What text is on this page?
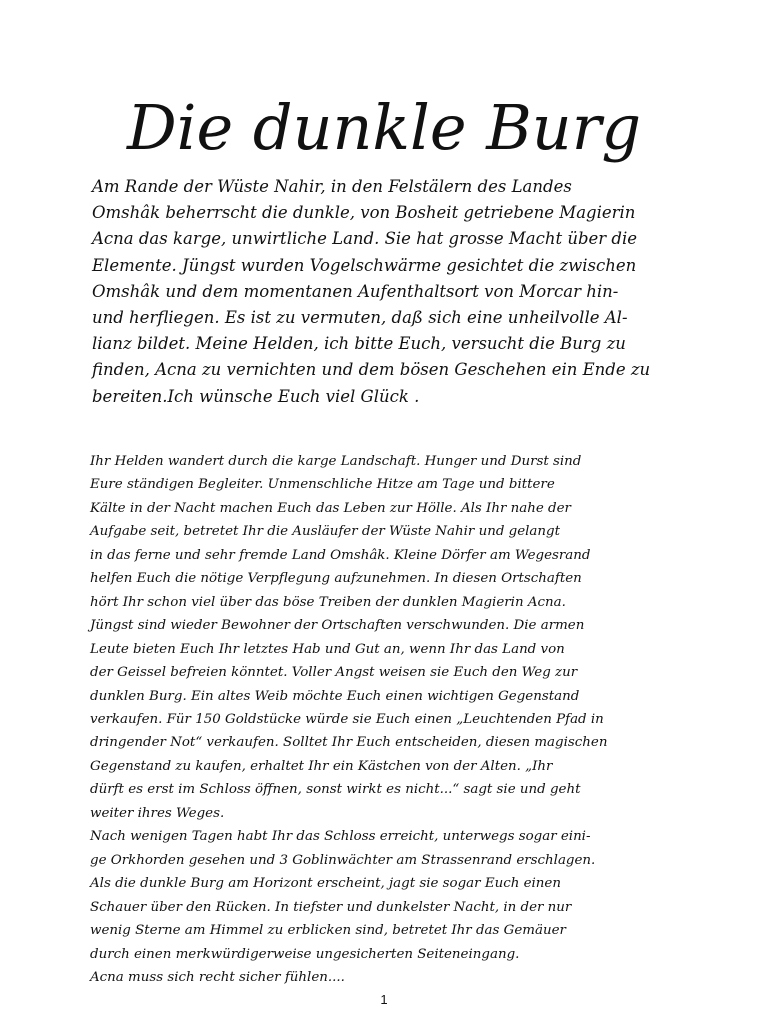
Die dunkle Burg
Am Rande der Wüste Nahir, in den Felstälern des Landes
Omshâk beherrscht die dunkle, von Bosheit getriebene Magierin
Acna das karge, unwirtliche Land. Sie hat grosse Macht über die
Elemente. Jüngst wurden Vogelschwärme gesichtet die zwischen
Omshâk und dem momentanen Aufenthaltsort von Morcar hin-
und herfliegen. Es ist zu vermuten, daß sich eine unheilvolle Al-
lianz bildet. Meine Helden, ich bitte Euch, versucht die Burg zu
finden, Acna zu vernichten und dem bösen Geschehen ein Ende zu
bereiten.Ich wünsche Euch viel Glück .
Ihr Helden wandert durch die karge Landschaft. Hunger und Durst sind
Eure ständigen Begleiter. Unmenschliche Hitze am Tage und bittere
Kälte in der Nacht machen Euch das Leben zur Hölle. Als Ihr nahe der
Aufgabe seit, betretet Ihr die Ausläufer der Wüste Nahir und gelangt
in das ferne und sehr fremde Land Omshâk. Kleine Dörfer am Wegesrand
helfen Euch die nötige Verpflegung aufzunehmen. In diesen Ortschaften
hört Ihr schon viel über das böse Treiben der dunklen Magierin Acna.
Jüngst sind wieder Bewohner der Ortschaften verschwunden. Die armen
Leute bieten Euch Ihr letztes Hab und Gut an, wenn Ihr das Land von
der Geissel befreien könntet. Voller Angst weisen sie Euch den Weg zur
dunklen Burg. Ein altes Weib möchte Euch einen wichtigen Gegenstand
verkaufen. Für 150 Goldstücke würde sie Euch einen „Leuchtenden Pfad in
dringender Not“ verkaufen. Solltet Ihr Euch entscheiden, diesen magischen
Gegenstand zu kaufen, erhaltet Ihr ein Kästchen von der Alten. „Ihr
dürft es erst im Schloss öffnen, sonst wirkt es nicht...“ sagt sie und geht
weiter ihres Weges.
Nach wenigen Tagen habt Ihr das Schloss erreicht, unterwegs sogar eini-
ge Orkhorden gesehen und 3 Goblinwächter am Strassenrand erschlagen.
Als die dunkle Burg am Horizont erscheint, jagt sie sogar Euch einen
Schauer über den Rücken. In tiefster und dunkelster Nacht, in der nur
wenig Sterne am Himmel zu erblicken sind, betretet Ihr das Gemäuer
durch einen merkwürdigerweise ungesicherten Seiteneingang.
Acna muss sich recht sicher fühlen....
1
